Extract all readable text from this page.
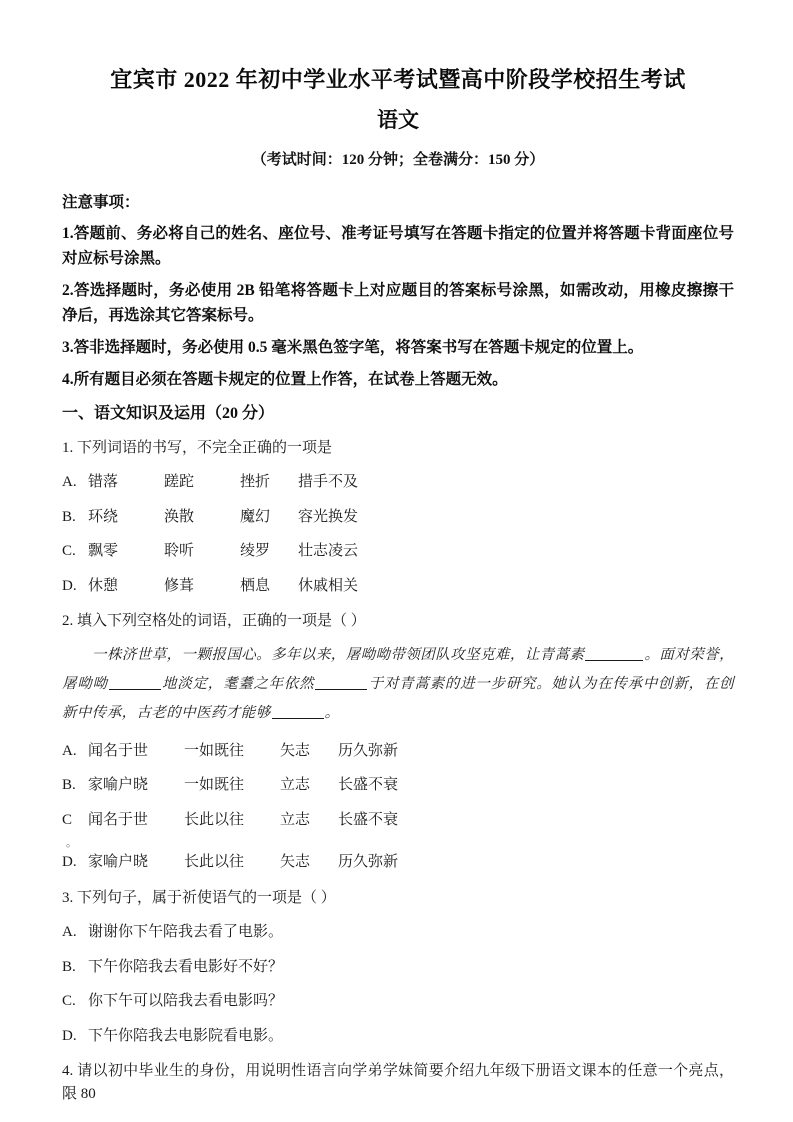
宜宾市 2022 年初中学业水平考试暨高中阶段学校招生考试
语文
（考试时间：120 分钟；全卷满分：150 分）
注意事项：
1.答题前、务必将自己的姓名、座位号、准考证号填写在答题卡指定的位置并将答题卡背面座位号对应标号涂黑。
2.答选择题时，务必使用 2B 铅笔将答题卡上对应题目的答案标号涂黑，如需改动，用橡皮擦擦干净后，再选涂其它答案标号。
3.答非选择题时，务必使用 0.5 毫米黑色签字笔，将答案书写在答题卡规定的位置上。
4.所有题目必须在答题卡规定的位置上作答，在试卷上答题无效。
一、语文知识及运用（20 分）
1. 下列词语的书写，不完全正确的一项是
A. 错落	蹉跎	挫折 措手不及
B. 环绕	涣散	魔幻 容光换发
C. 飘零	聆听	绫罗 壮志凌云
D. 休憩	修葺	栖息 休戚相关
2. 填入下列空格处的词语，正确的一项是（ ）
一株济世草，一颗报国心。多年以来，屠呦呦带领团队攻坚克难，让青蒿素	。面对荣誉，屠呦呦	地淡定，耄耋之年依然	于对青蒿素的进一步研究。她认为在传承中创新，在创新中传承，古老的中医药才能够	。
A. 闻名于世 一如既往 矢志 历久弥新
B. 家喻户晓 一如既往 立志 长盛不衰
C 闻名于世 长此以往 立志 长盛不衰
D. 家喻户晓 长此以往 矢志 历久弥新
3. 下列句子，属于祈使语气的一项是（ ）
A. 谢谢你下午陪我去看了电影。
B. 下午你陪我去看电影好不好？
C. 你下午可以陪我去看电影吗？
D. 下午你陪我去电影院看电影。
4. 请以初中毕业生的身份，用说明性语言向学弟学妹简要介绍九年级下册语文课本的任意一个亮点，限 80
